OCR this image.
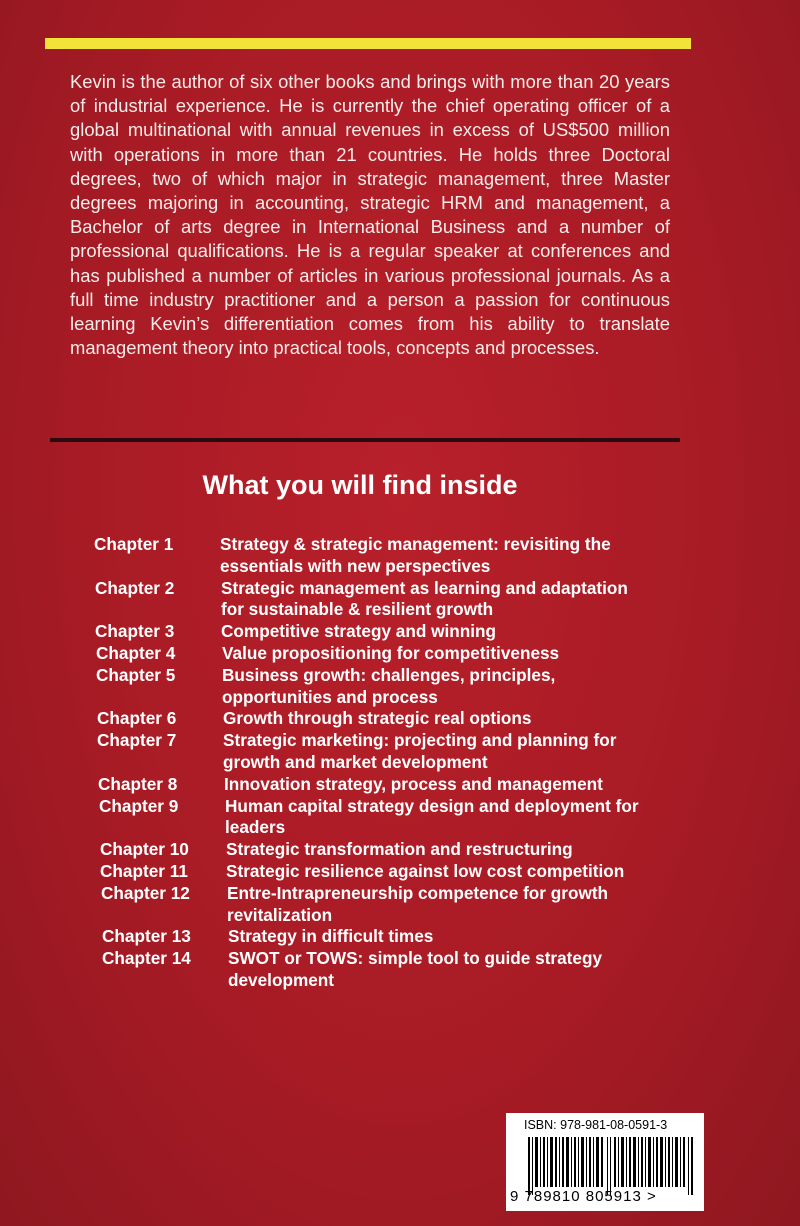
Kevin is the author of six other books and brings with more than 20 years of industrial experience. He is currently the chief operating officer of a global multinational with annual revenues in excess of US$500 million with operations in more than 21 countries. He holds three Doctoral degrees, two of which major in strategic management, three Master degrees majoring in accounting, strategic HRM and management, a Bachelor of arts degree in International Business and a number of professional qualifications. He is a regular speaker at conferences and has published a number of articles in various professional journals. As a full time industry practitioner and a person a passion for continuous learning Kevin’s differentiation comes from his ability to translate management theory into practical tools, concepts and processes.

What you will find inside
Chapter 1	Strategy & strategic management: revisiting the essentials with new perspectives
Chapter 2	Strategic management as learning and adaptation for sustainable & resilient growth
Chapter 3	Competitive strategy and winning
Chapter 4	Value propositioning for competitiveness
Chapter 5	Business growth: challenges, principles, opportunities and process
Chapter 6	Growth through strategic real options
Chapter 7	Strategic marketing: projecting and planning for growth and market development
Chapter 8	Innovation strategy, process and management
Chapter 9	Human capital strategy design and deployment for leaders
Chapter 10	Strategic transformation and restructuring
Chapter 11	Strategic resilience against low cost competition
Chapter 12	Entre-Intrapreneurship competence for growth revitalization
Chapter 13	Strategy in difficult times
Chapter 14	SWOT or TOWS: simple tool to guide strategy development
ISBN: 978-981-08-0591-3
9 789810 805913 >
